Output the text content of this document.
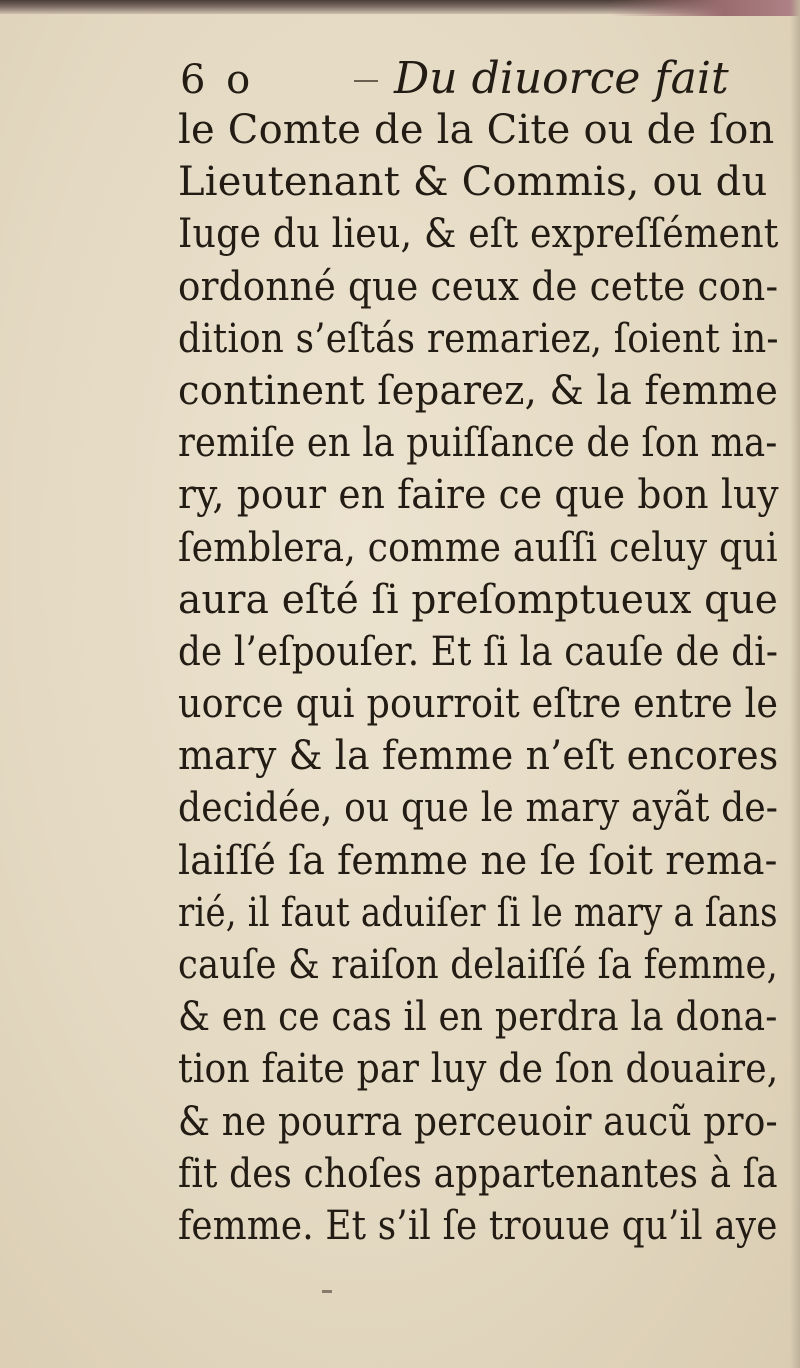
6 o	Du diuorce fait
le Comte de la Cite ou de ſon
Lieutenant & Commis, ou du
Iuge du lieu, & eſt expreſſément
ordonné que ceux de cette con-
dition s’eſtás remariez, ſoient in-
continent ſeparez, & la femme
remiſe en la puiſſance de ſon ma-
ry, pour en faire ce que bon luy
ſemblera, comme auſſi celuy qui
aura eſté ſi preſomptueux que
de l’eſpouſer. Et ſi la cauſe de di-
uorce qui pourroit eſtre entre le
mary & la femme n’eſt encores
decidée, ou que le mary ayãt de-
laiſſé ſa femme ne ſe ſoit rema-
rié, il faut aduiſer ſi le mary a ſans
cauſe & raiſon delaiſſé ſa femme,
& en ce cas il en perdra la dona-
tion faite par luy de ſon douaire,
& ne pourra perceuoir aucũ pro-
fit des choſes appartenantes à ſa
femme. Et s’il ſe trouue qu’il aye
